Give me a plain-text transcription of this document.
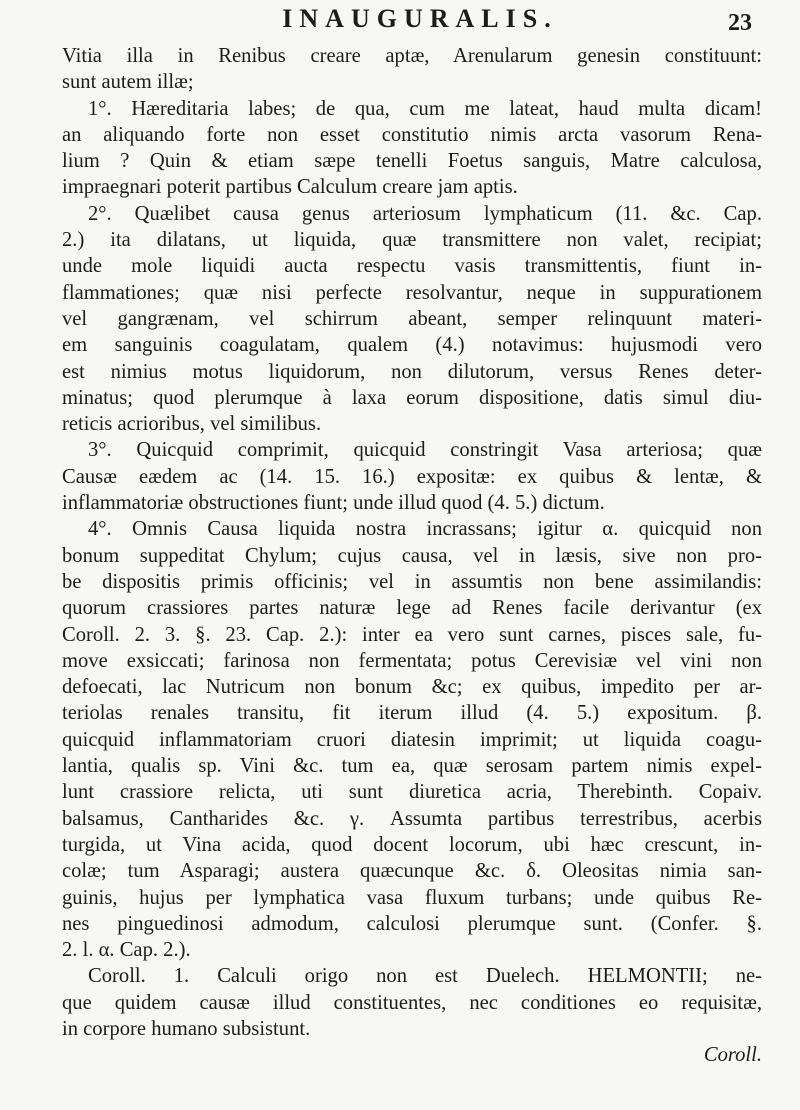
INAUGURALIS.	23
Vitia illa in Renibus creare aptæ, Arenularum genesin constituunt:
sunt autem illæ;
1°. Hæreditaria labes; de qua, cum me lateat, haud multa dicam!
an aliquando forte non esset constitutio nimis arcta vasorum Rena-
lium ? Quin & etiam sæpe tenelli Foetus sanguis, Matre calculosa,
impraegnari poterit partibus Calculum creare jam aptis.
2°. Quælibet causa genus arteriosum lymphaticum (11. &c. Cap.
2.) ita dilatans, ut liquida, quæ transmittere non valet, recipiat;
unde mole liquidi aucta respectu vasis transmittentis, fiunt in-
flammationes; quæ nisi perfecte resolvantur, neque in suppurationem
vel gangrænam, vel schirrum abeant, semper relinquunt materi-
em sanguinis coagulatam, qualem (4.) notavimus: hujusmodi vero
est nimius motus liquidorum, non dilutorum, versus Renes deter-
minatus; quod plerumque à laxa eorum dispositione, datis simul diu-
reticis acrioribus, vel similibus.
3°. Quicquid comprimit, quicquid constringit Vasa arteriosa; quæ
Causæ eædem ac (14. 15. 16.) expositæ: ex quibus & lentæ, &
inflammatoriæ obstructiones fiunt; unde illud quod (4. 5.) dictum.
4°. Omnis Causa liquida nostra incrassans; igitur α. quicquid non
bonum suppeditat Chylum; cujus causa, vel in læsis, sive non pro-
be dispositis primis officinis; vel in assumtis non bene assimilandis:
quorum crassiores partes naturæ lege ad Renes facile derivantur (ex
Coroll. 2. 3. §. 23. Cap. 2.): inter ea vero sunt carnes, pisces sale, fu-
move exsiccati; farinosa non fermentata; potus Cerevisiæ vel vini non
defoecati, lac Nutricum non bonum &c; ex quibus, impedito per ar-
teriolas renales transitu, fit iterum illud (4. 5.) expositum. β.
quicquid inflammatoriam cruori diatesin imprimit; ut liquida coagu-
lantia, qualis sp. Vini &c. tum ea, quæ serosam partem nimis expel-
lunt crassiore relicta, uti sunt diuretica acria, Therebinth. Copaiv.
balsamus, Cantharides &c. γ. Assumta partibus terrestribus, acerbis
turgida, ut Vina acida, quod docent locorum, ubi hæc crescunt, in-
colæ; tum Asparagi; austera quæcunque &c. δ. Oleositas nimia san-
guinis, hujus per lymphatica vasa fluxum turbans; unde quibus Re-
nes pinguedinosi admodum, calculosi plerumque sunt. (Confer. §.
2. l. α. Cap. 2.).
Coroll. 1. Calculi origo non est Duelech. HELMONTII; ne-
que quidem causæ illud constituentes, nec conditiones eo requisitæ,
in corpore humano subsistunt.
Coroll.
